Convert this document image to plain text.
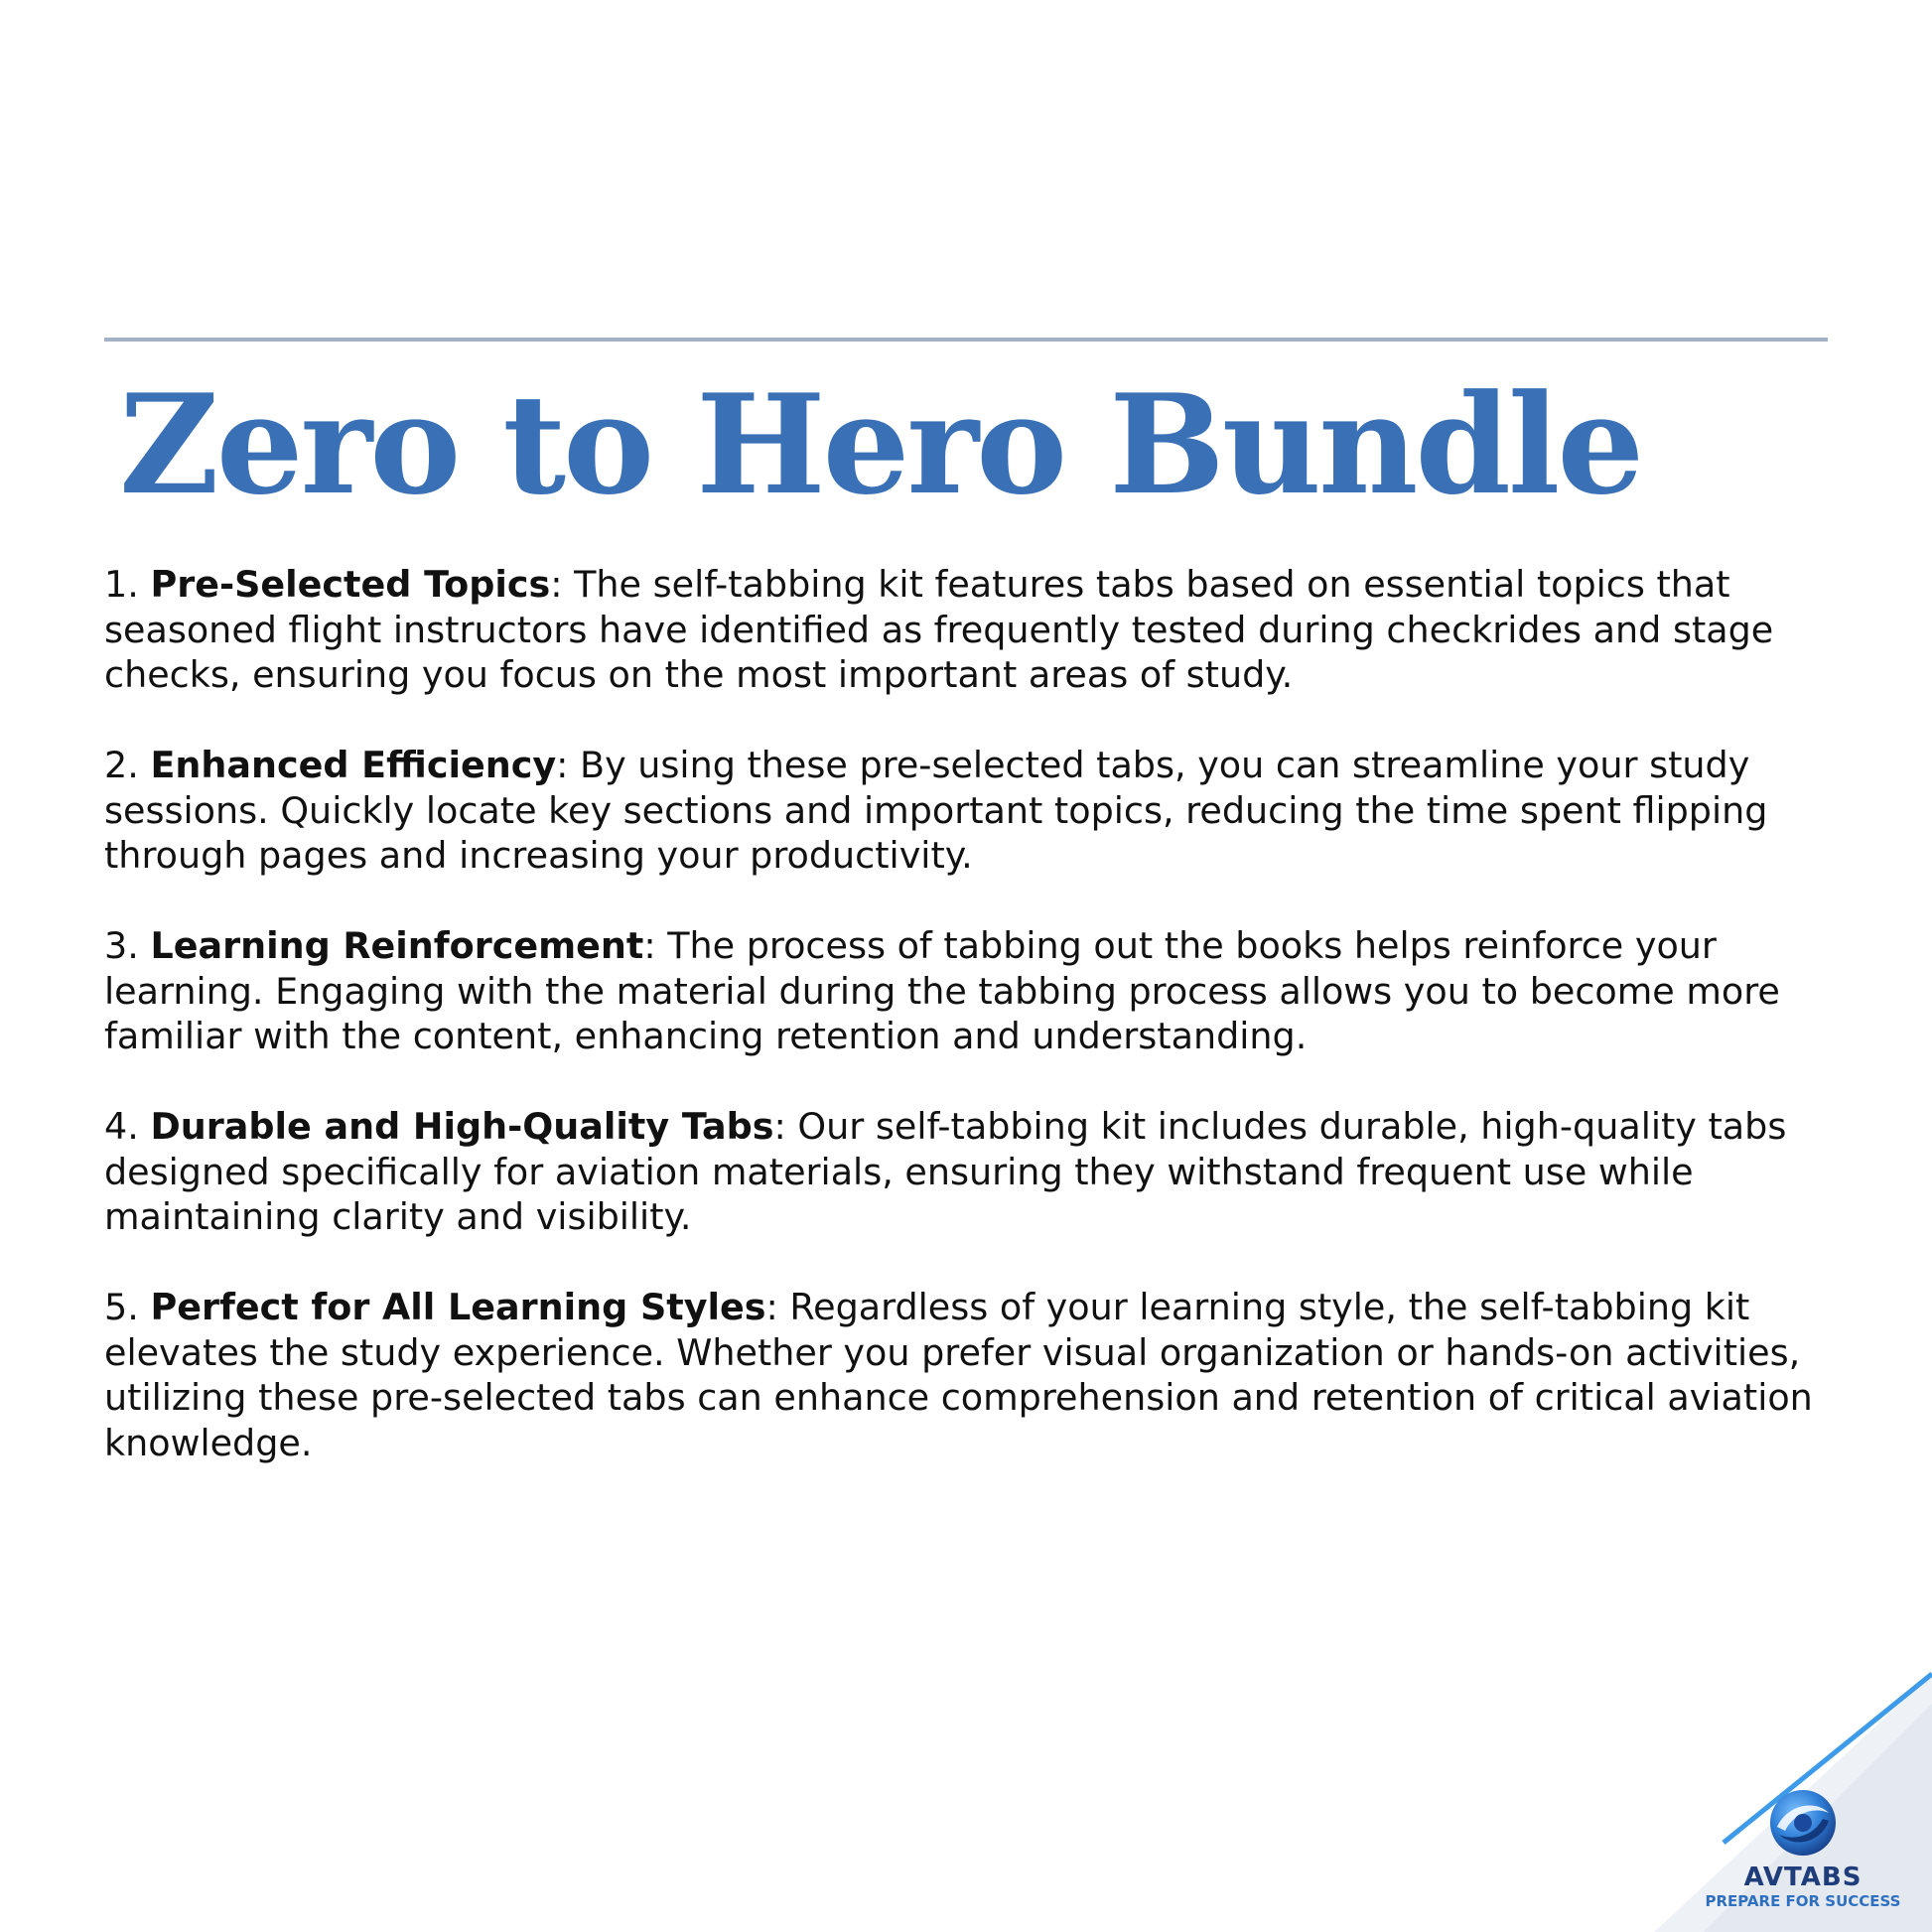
Zero to Hero Bundle

1. Pre-Selected Topics: The self-tabbing kit features tabs based on essential topics that seasoned flight instructors have identified as frequently tested during checkrides and stage checks, ensuring you focus on the most important areas of study.

2. Enhanced Efficiency: By using these pre-selected tabs, you can streamline your study sessions. Quickly locate key sections and important topics, reducing the time spent flipping through pages and increasing your productivity.

3. Learning Reinforcement: The process of tabbing out the books helps reinforce your learning. Engaging with the material during the tabbing process allows you to become more familiar with the content, enhancing retention and understanding.

4. Durable and High-Quality Tabs: Our self-tabbing kit includes durable, high-quality tabs designed specifically for aviation materials, ensuring they withstand frequent use while maintaining clarity and visibility.

5. Perfect for All Learning Styles: Regardless of your learning style, the self-tabbing kit elevates the study experience. Whether you prefer visual organization or hands-on activities, utilizing these pre-selected tabs can enhance comprehension and retention of critical aviation knowledge.

AVTABS
PREPARE FOR SUCCESS
